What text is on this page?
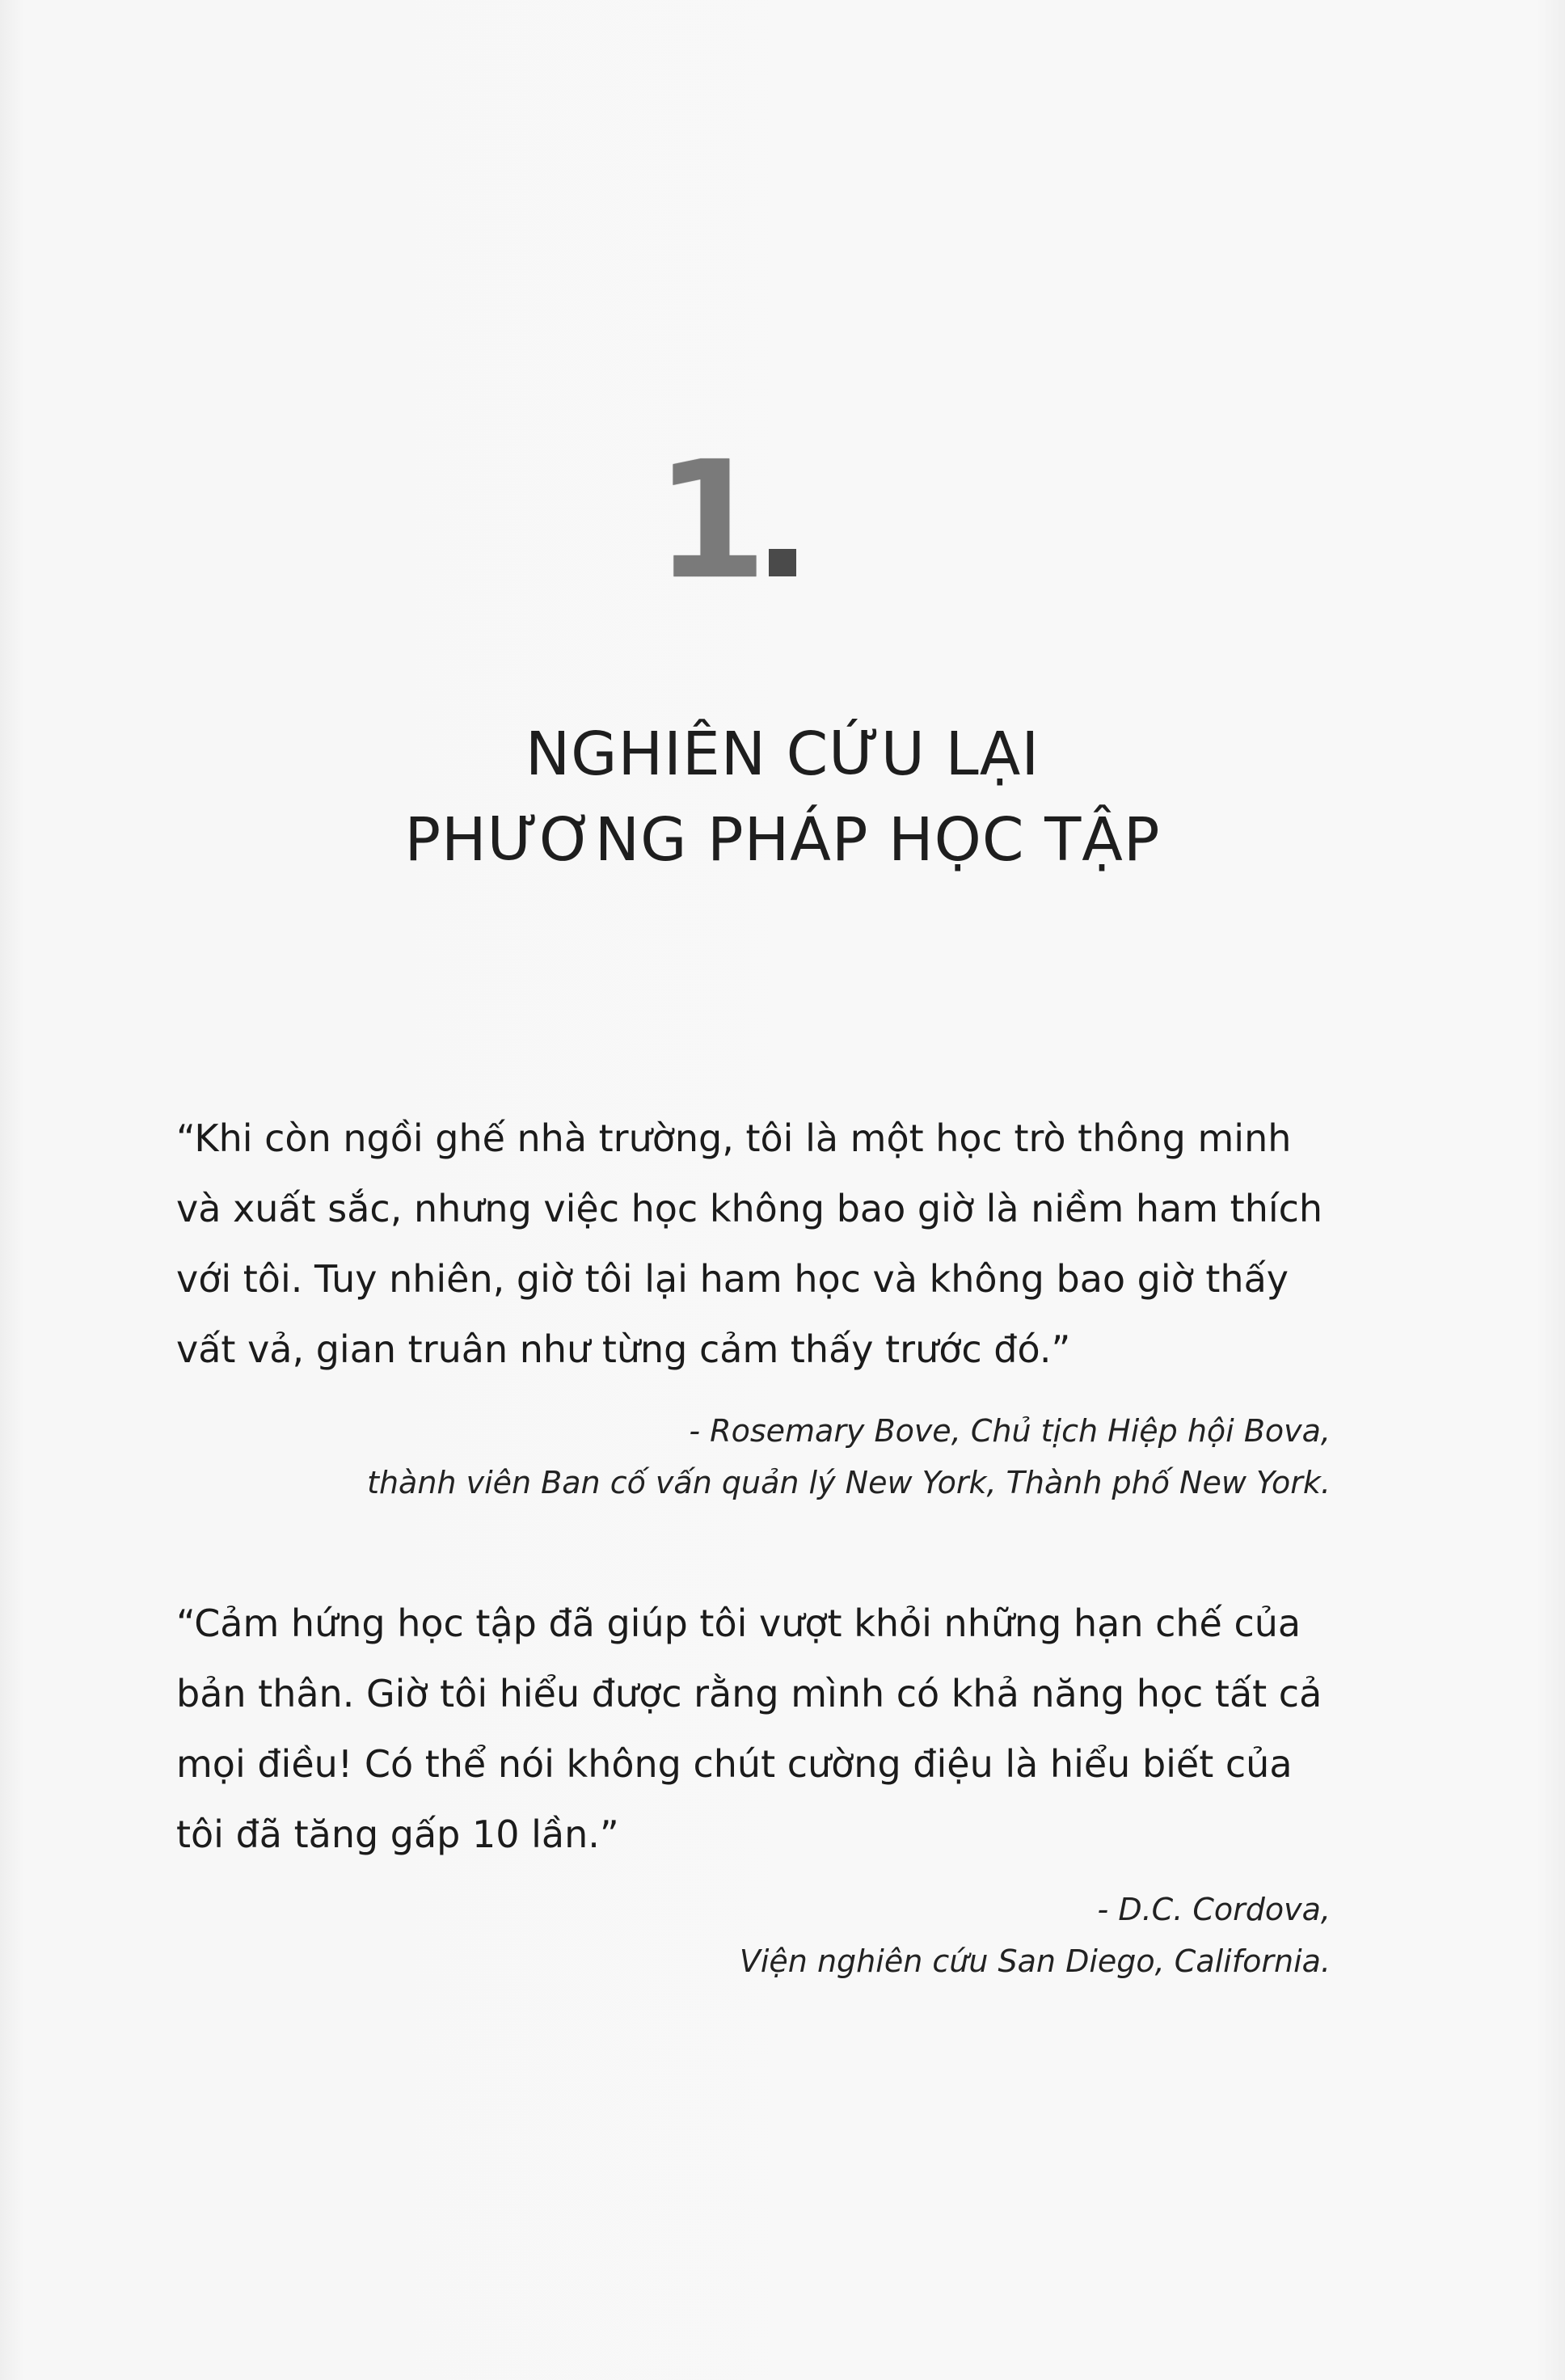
1
NGHIÊN CỨU LẠI
PHƯƠNG PHÁP HỌC TẬP

“Khi còn ngồi ghế nhà trường, tôi là một học trò thông minh và xuất sắc, nhưng việc học không bao giờ là niềm ham thích với tôi. Tuy nhiên, giờ tôi lại ham học và không bao giờ thấy vất vả, gian truân như từng cảm thấy trước đó.”

- Rosemary Bove, Chủ tịch Hiệp hội Bova,
thành viên Ban cố vấn quản lý New York, Thành phố New York.

“Cảm hứng học tập đã giúp tôi vượt khỏi những hạn chế của bản thân. Giờ tôi hiểu được rằng mình có khả năng học tất cả mọi điều! Có thể nói không chút cường điệu là hiểu biết của tôi đã tăng gấp 10 lần.”

- D.C. Cordova,
Viện nghiên cứu San Diego, California.
